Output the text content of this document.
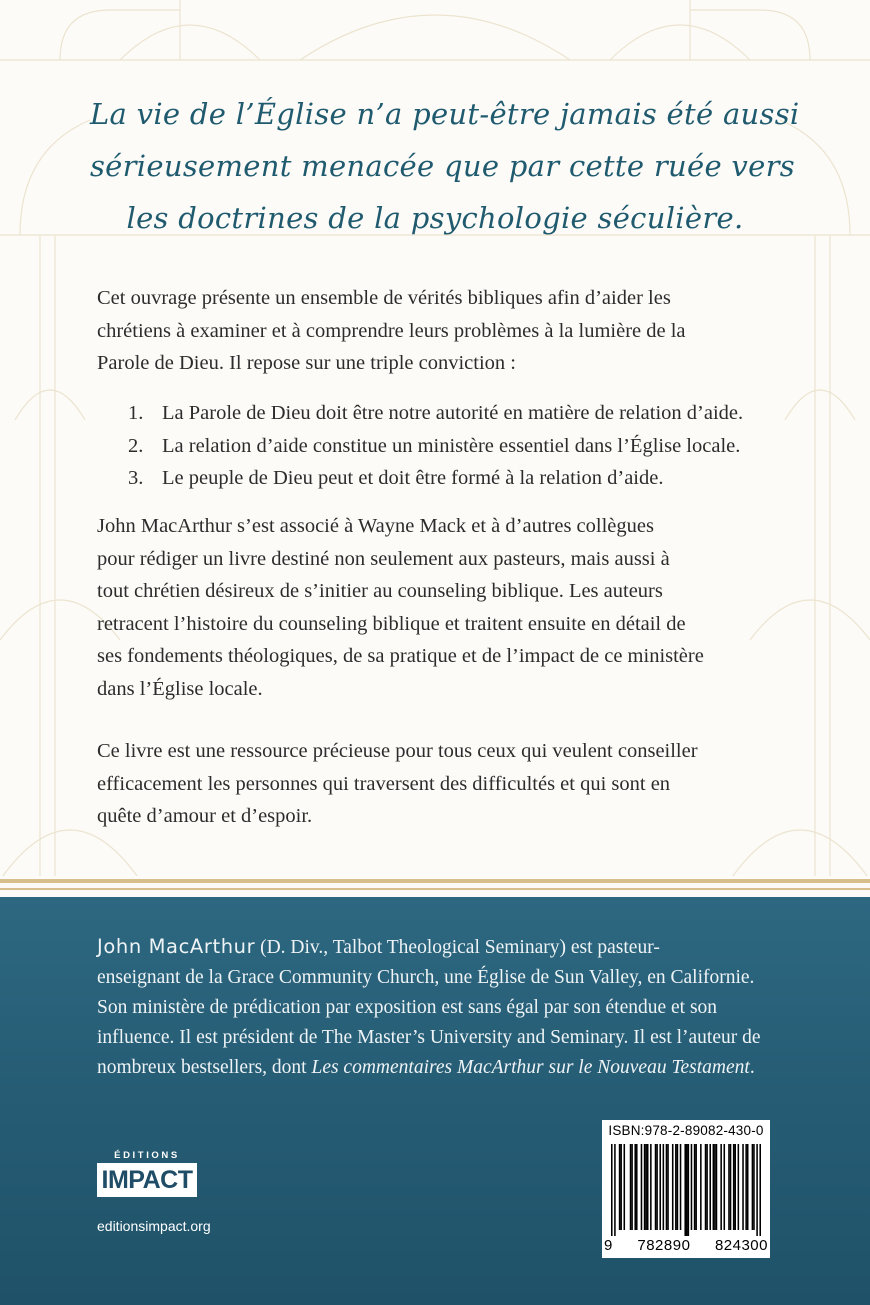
La vie de l’Église n’a peut-être jamais été aussi
sérieusement menacée que par cette ruée vers
les doctrines de la psychologie séculière.
Cet ouvrage présente un ensemble de vérités bibliques afin d’aider les
chrétiens à examiner et à comprendre leurs problèmes à la lumière de la
Parole de Dieu. Il repose sur une triple conviction :
1. La Parole de Dieu doit être notre autorité en matière de relation d’aide.
2. La relation d’aide constitue un ministère essentiel dans l’Église locale.
3. Le peuple de Dieu peut et doit être formé à la relation d’aide.
John MacArthur s’est associé à Wayne Mack et à d’autres collègues
pour rédiger un livre destiné non seulement aux pasteurs, mais aussi à
tout chrétien désireux de s’initier au counseling biblique. Les auteurs
retracent l’histoire du counseling biblique et traitent ensuite en détail de
ses fondements théologiques, de sa pratique et de l’impact de ce ministère
dans l’Église locale.
Ce livre est une ressource précieuse pour tous ceux qui veulent conseiller
efficacement les personnes qui traversent des difficultés et qui sont en
quête d’amour et d’espoir.
John MacArthur (D. Div., Talbot Theological Seminary) est pasteur-
enseignant de la Grace Community Church, une Église de Sun Valley, en Californie.
Son ministère de prédication par exposition est sans égal par son étendue et son
influence. Il est président de The Master’s University and Seminary. Il est l’auteur de
nombreux bestsellers, dont Les commentaires MacArthur sur le Nouveau Testament.
ÉDITIONS
IMPACT
editionsimpact.org
ISBN:978-2-89082-430-0
9 782890 824300
